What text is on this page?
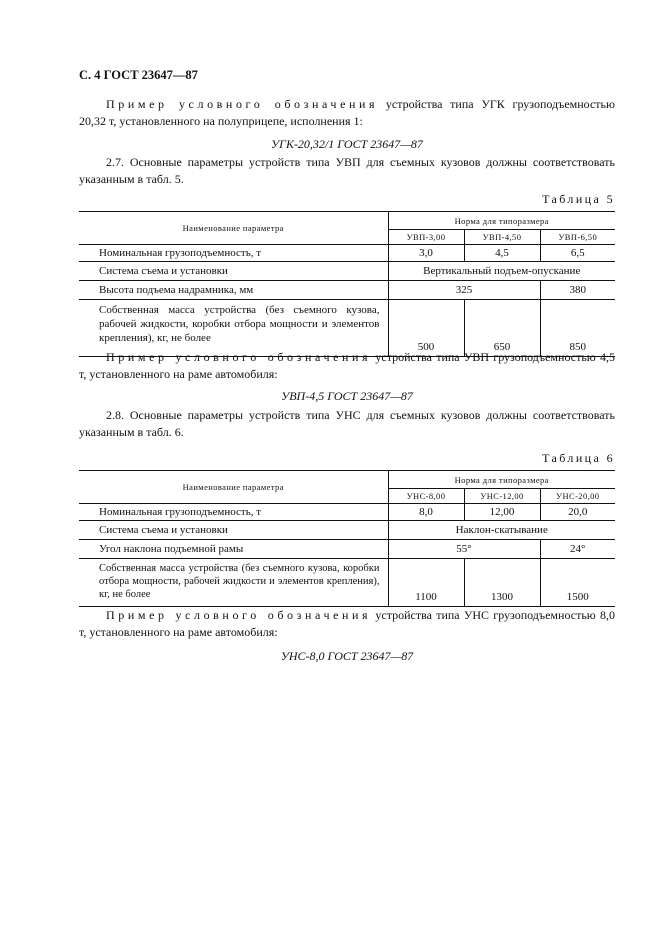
С. 4 ГОСТ 23647—87
Пример условного обозначения устройства типа УГК грузоподъемностью 20,32 т, установленного на полуприцепе, исполнения 1:
УГК-20,32/1 ГОСТ 23647—87
2.7. Основные параметры устройств типа УВП для съемных кузовов должны соответствовать указанным в табл. 5.
Таблица 5
Наименование параметра	Норма для типоразмера		
	УВП-3,00	УВП-4,50	УВП-6,50
Номинальная грузоподъемность, т	3,0	4,5	6,5
Система съема и установки	Вертикальный подъем-опускание		
Высота подъема надрамника, мм	325		380
Собственная масса устройства (без съемного кузова, рабочей жидкости, коробки отбора мощности и элементов крепления), кг, не более	500	650	850
Пример условного обозначения устройства типа УВП грузоподъемностью 4,5 т, установленного на раме автомобиля:
УВП-4,5 ГОСТ 23647—87
2.8. Основные параметры устройств типа УНС для съемных кузовов должны соответствовать указанным в табл. 6.
Таблица 6
Наименование параметра	Норма для типоразмера		
	УНС-8,00	УНС-12,00	УНС-20,00
Номинальная грузоподъемность, т	8,0	12,00	20,0
Система съема и установки	Наклон-скатывание		
Угол наклона подъемной рамы	55°		24°
Собственная масса устройства (без съемного кузова, коробки отбора мощности, рабочей жидкости и элементов крепления), кг, не более	1100	1300	1500
Пример условного обозначения устройства типа УНС грузоподъемностью 8,0 т, установленного на раме автомобиля:
УНС-8,0 ГОСТ 23647—87
